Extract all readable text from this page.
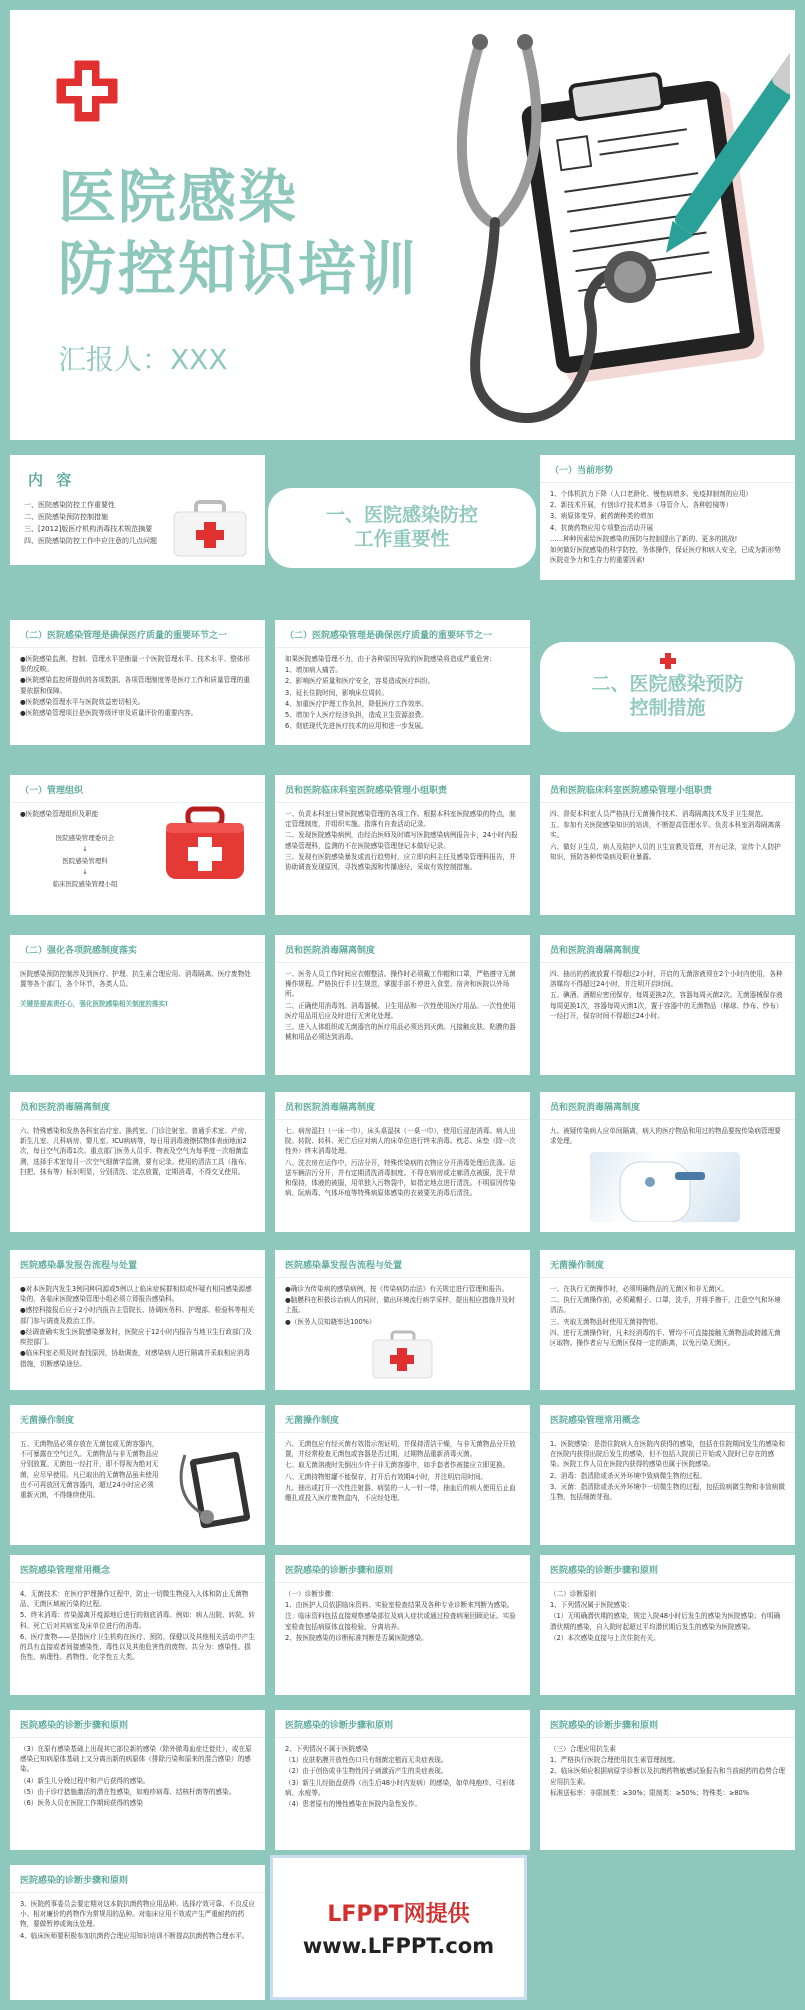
医院感染
防控知识培训
汇报人：XXX
内 容

一、医院感染防控工作重要性

二、医院感染预防控制措施

三、[2012]版医疗机构消毒技术规范摘要

四、医院感染防控工作中应注意的几点问题

一、医院感染防控
工作重要性
（一）当前形势

1、个体机抗力下降（人口老龄化、慢性病增多、免疫抑制剂的应用）

2、新技术开展，有创诊疗技术增多（导管介入、各种腔镜等）

3、病原体变异，耐药菌种类的增加

4、抗菌药物应用专项整治活动开展

……种种因素给医院感染的预防与控制提出了新的、更多的挑战!

如何做好医院感染的科学防控，务体操作，保证医疗和病人安全，已成为新形势医院竞争力和生存力的重要因素!

（二）医院感染管理是确保医疗质量的重要环节之一

●医院感染监测、控制、管理水平是衡量一个医院管理水平、技术水平、整体形象的反映。

●医院感染监控所提供的各项数据、各项管理制度等是医疗工作和质量管理的重要依据和保障。

●医院感染管理水平与医院效益密切相关。

●医院感染管理项目是医院等级评审及质量评价的重要内容。

（二）医院感染管理是确保医疗质量的重要环节之一

如果医院感染管理不力，由于各种原因导致的医院感染将造成严重危害:

1、增加病人痛苦。

2、影响医疗质量和医疗安全，容易造成医疗纠纷。

3、延长住院时间，影响床位周转。

4、加重医疗护理工作负担，降低医疗工作效率。

5、增加个人医疗经济负担，造成卫生资源浪费。

6、彻底现代先进医疗技术的应用和进一步发展。

二、医院感染预防
控制措施
（一）管理组织

●医院感染管理组织及职能

医院感染管理委员会
↓
医院感染管理科
↓
临床医院感染管理小组
员和医院临床科室医院感染管理小组职责

一、负责本科室日常医院感染管理的各项工作。根据本科室医院感染的特点，制定管理制度，并组织实施。指落有自查活动记录。

二、发现医院感染病例，由经治医师及时填写医院感染病例报告卡，24小时内报感染管理科，监测的不在医院感染管理登记本做好记录。

三、发现有医院感染暴发或流行趋势时，应立即向科主任及感染管理科报告，并协助调查发现原因，寻找感染源和传播途径，采取有效控制措施。

员和医院临床科室医院感染管理小组职责

四、督促本科室人员严格执行无菌操作技术、消毒隔离技术及手卫生规范。

五、参加有关医院感染知识的培训，不断提高管理水平。负责本科室消毒隔离落实。

六、做好卫生员、病人及陪护人员的卫生宣教及管理，并有记录，宣传个人防护知识，预防各种传染病及职业暴露。

（二）强化各项院感制度落实

医院感染预防控制涉及到医疗、护理、抗生素合理应用、消毒隔离、医疗废物处置等各个部门，各个环节，各类人员。

关键是提高责任心，强化医院感染相关制度的落实!

员和医院消毒隔离制度

一、医务人员工作时间应衣帽整洁。操作时必须戴工作帽和口罩，严格遵守无菌操作规程。严格执行手卫生规范，掌握手部不停进入食堂、宿舍和医院以外场所。

二、正确使用消毒剂。消毒器械、卫生用品和一次性使用医疗用品。一次性使用医疗用品用后应及时进行无害化处理。

三、进入人体组织或无菌器官的医疗用品必须达到灭菌。凡接触皮肤、粘膜的器械和用品必须达到消毒。

员和医院消毒隔离制度

四、抽出的药液放置不得超过2小时，开启的无菌溶液须在2个小时内使用，各种溶媒均不得超过24小时，并注明开启时间。

五、碘酒、酒精应密闭保存，每周更换2次，容器每周灭菌2次。无菌器械保存液每周更换1次，容器每周灭菌1次，置于容器中的无菌物品（棉球、纱布、纱布）一经打开，保存时间不得超过24小时。

员和医院消毒隔离制度

六、特殊感染和发热各科室治疗室、换药室、门诊注射室、普通手术室、产房、新生儿室、儿科病房、婴儿室、ICU病病等，每日用消毒液擦拭物体表面地面2次，每日空气消毒1次。重点部门医务人员手、物表及空气为每季度一次细菌监测，选择手术室每月一次空气细菌学监测，要有记录。使用的清洁工具（拖布、扫把、抹布等）标识明显，分别清洗、定点放置，定期消毒，不得交叉使用。

员和医院消毒隔离制度

七、病房湿扫（一床一巾），床头桌湿抹（一桌一巾），使用后浸泡消毒。病人出院、转院、转科、死亡后应对病人的床单位进行终末消毒。枕芯、床垫（除一次性外）终末消毒处理。

八、洗衣房在运作中，污洁分开，特殊传染病的衣物应分开消毒处理后洗涤。运送车辆洁污分开，并有定期清洗消毒制度。不得在病房或走廊清点被服，洗干草和保持，体液的被服，用单独入污物袋中，如指定地点进行清洗。不明原因传染病、阮病毒、气体坏疽等特殊病原体感染的衣被要先消毒后清洗。

员和医院消毒隔离制度

九、被疑传染病人应单间隔离，病人的医疗物品和用过的物品要按传染病管理要求处理。

医院感染暴发报告流程与处置

●对本医院内发生3例同种同源或5例以上临床症候群相似或怀疑有相同感染源感染的，各临床医院感染管理小组必须立即报告感染科。

●感控科接报后应于2小时内报告主管院长、协调医务科、护理部、检验科等相关部门参与调查及救治工作。

●经调查确实发生医院感染暴发时，医院应于12小时内报告当地卫生行政部门及疾控部门。

●临床科室必须及时查找原因，协助调查，对感染病人进行隔离并采取相应消毒措施，切断感染途径。

医院感染暴发报告流程与处置

●确诊为传染病的感染病例，按《传染病防治法》有关规定进行管理和报告。

●脑膜科在积极诊治病人的同时，做出环境流行病学采样，提出相应措施并及时上报。

●（医务人员知晓率达100%）

无菌操作制度

一、在执行无菌操作时，必须明确物品的无菌区和非无菌区。

二、执行无菌操作前，必须戴帽子、口罩，洗手，并将手擦干，注意空气和环境清洁。

三、夹取无菌物品时使用无菌持物钳。

四、进行无菌操作时，凡未经消毒的手、臂均不可直接接触无菌物品或跨越无菌区取物。操作者应与无菌区保持一定的距离，以免污染无菌区。

无菌操作制度

五、无菌物品必须存放在无菌包或无菌容器内，不可暴露在空气过久。无菌物品与非无菌物品应分别放置。无菌包一经打开，即不得视为绝对无菌，应尽早使用。凡已取出的无菌物品虽未使用也不可再放回无菌容器内，超过24小时应必须重新灭菌，不得继续使用。

无菌操作制度

六、无菌包应有经灭菌有效指示剂证明，并保持清洁干燥，与非无菌物品分开放置，并经常检查无菌包或容器是否过期，过期物品重新消毒灭菌。

七、取无菌溶液时先倒出少许于非无菌容器中，如手套者作被接应立即更换。

八、无菌持物钳罐不能保存，打开后有效期4小时，并注明启用时间。

九、抽出或打开一次性注射器、病装的一人一针一带，抽血后的病人使用后止血绷扎或投入医疗废物盒内，不应经处理。

医院感染管理常用概念

1、医院感染：是指住院病人在医院内获得的感染，包括在住院期间发生的感染和在医院内获得出院后发生的感染，但不包括入院前已开始或入院时已存在的感染。医院工作人员在医院内获得的感染也属于医院感染。

2、消毒：指清除或杀灭外环境中致病微生物的过程。

3、灭菌：指清除或杀灭外环境中一切微生物的过程，包括致病微生物和非致病微生物，包括细菌芽孢。

医院感染管理常用概念

4、无菌技术：在医疗护理操作过程中，防止一切微生物侵入人体和防止无菌物品、无菌区域被污染的过程。

5、终末消毒：传染源离开疫源地后进行的彻底消毒。例如：病人出院、转院、转科、死亡后对其病室及床单位进行的消毒。

6、医疗废物——是指医疗卫生机构在医疗、预防、保健以及其他相关活动中产生的具有直接或者间接感染性、毒性以及其他危害性的废物。共分为：感染性、损伤性、病理性、药物性、化学性五大类。

医院感染的诊断步骤和原则

（一）诊断步骤：

1、由医护人员依据临床资料、实验室检查结果及各种专业诊断来判断为感染。

注：临床资料包括直接观察感染部位及病人症状或通过检查病案回顾论证。实验室检查包括病原体直接检验、分离培养。

2、按医院感染的诊断标准判断是否属医院感染。

医院感染的诊断步骤和原则

（二）诊断原则

1、下列情况属于医院感染：

（1）无明确潜伏期的感染，规定入院48小时后发生的感染为医院感染；有明确潜伏期的感染，自入院时起超过平均潜伏期后发生的感染为医院感染。

（2）本次感染直接与上次住院有关。

医院感染的诊断步骤和原则

（3）在原有感染基础上出现其它部位新的感染（除外脓毒血症迁徙灶），或在原感染已知病原体基础上又分离出新的病原体（排除污染和原来的混合感染）的感染。

（4）新生儿分娩过程中和产后获得的感染。

（5）由于诊疗措施激活的潜在性感染，如疱疹病毒、结核杆菌等的感染。

（6）医务人员在医院工作期间获得的感染

医院感染的诊断步骤和原则

2、下列情况不属于医院感染

（1）皮肤粘膜开放性伤口只有细菌定植而无炎症表现。

（2）由于创伤或非生物性因子刺激而产生的炎症表现。

（3）新生儿经胎盘获得（出生后48小时内发病）的感染，如单纯疱疹、弓形体病、水痘等。

（4）患者原有的慢性感染在医院内急性发作。

医院感染的诊断步骤和原则

（三）合理应用抗生素

1、严格执行医院合理使用抗生素管理制度。

2、临床医师应根据病原学诊断以及抗菌药物敏感试验报告和当前耐药的趋势合理应用抗生素。

标准送标率：非限制类：≥30%；限制类：≥50%；特殊类：≥80%

医院感染的诊断步骤和原则

3、医院药事委员会要定期对这本院抗菌药物应用品种、选择疗效可靠、不良反应小、相对廉价的药物作为常规用的品种。对临床应用不效或产生严重耐药的药物，要做暂停或淘汰处理。

4、临床医师要积极参加抗菌药合理应用知识培训不断提高抗菌药物合理水平。

LFPPT网提供
www.LFPPT.com
